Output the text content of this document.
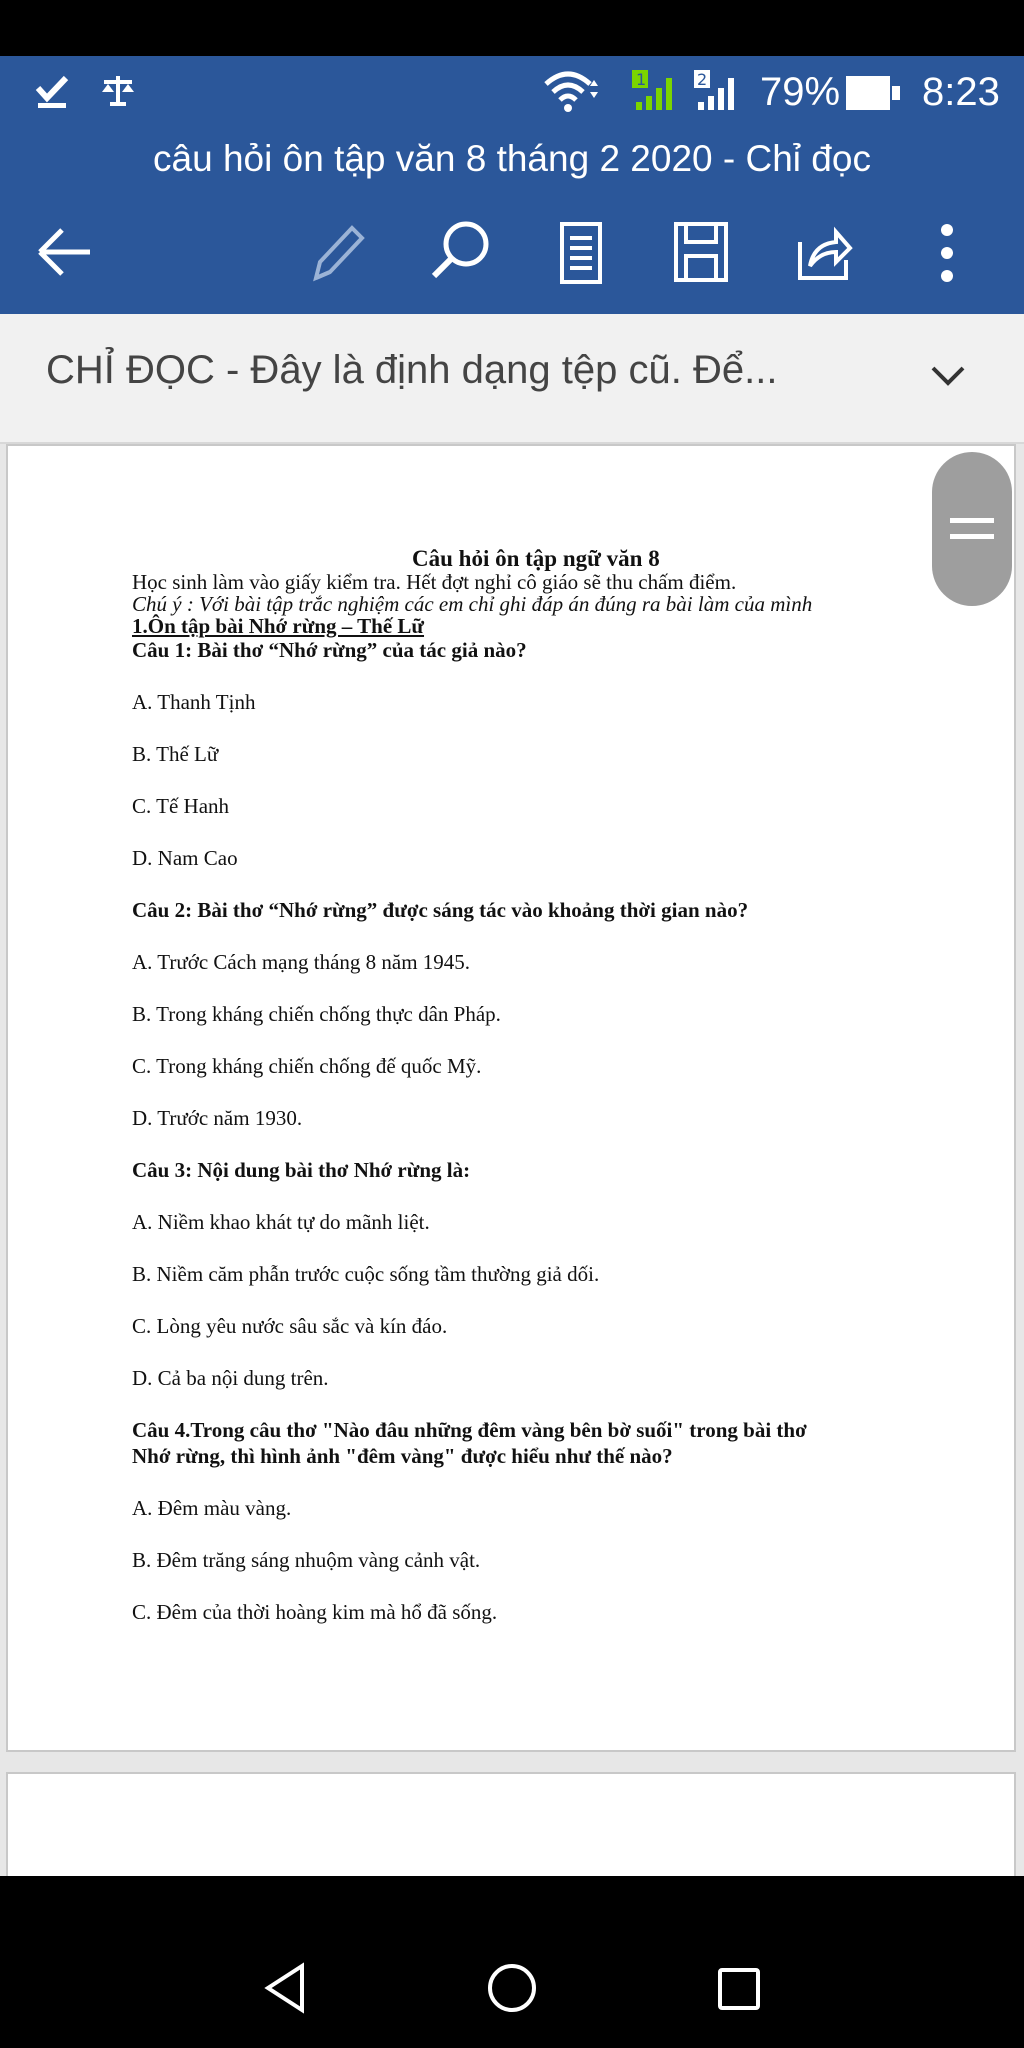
1	2 79% 8:23
câu hỏi ôn tập văn 8 tháng 2 2020 - Chỉ đọc
CHỈ ĐỌC - Đây là định dạng tệp cũ. Để...
Câu hỏi ôn tập ngữ văn 8
Học sinh làm vào giấy kiểm tra. Hết đợt nghỉ cô giáo sẽ thu chấm điểm.
Chú ý : Với bài tập trắc nghiệm các em chỉ ghi đáp án đúng ra bài làm của mình
1.Ôn tập bài Nhớ rừng – Thế Lữ
Câu 1: Bài thơ “Nhớ rừng” của tác giả nào?
A. Thanh Tịnh
B. Thế Lữ
C. Tế Hanh
D. Nam Cao
Câu 2: Bài thơ “Nhớ rừng” được sáng tác vào khoảng thời gian nào?
A. Trước Cách mạng tháng 8 năm 1945.
B. Trong kháng chiến chống thực dân Pháp.
C. Trong kháng chiến chống đế quốc Mỹ.
D. Trước năm 1930.
Câu 3: Nội dung bài thơ Nhớ rừng là:
A. Niềm khao khát tự do mãnh liệt.
B. Niềm căm phẫn trước cuộc sống tầm thường giả dối.
C. Lòng yêu nước sâu sắc và kín đáo.
D. Cả ba nội dung trên.
Câu 4.Trong câu thơ "Nào đâu những đêm vàng bên bờ suối" trong bài thơ
Nhớ rừng, thì hình ảnh "đêm vàng" được hiểu như thế nào?
A. Đêm màu vàng.
B. Đêm trăng sáng nhuộm vàng cảnh vật.
C. Đêm của thời hoàng kim mà hổ đã sống.
